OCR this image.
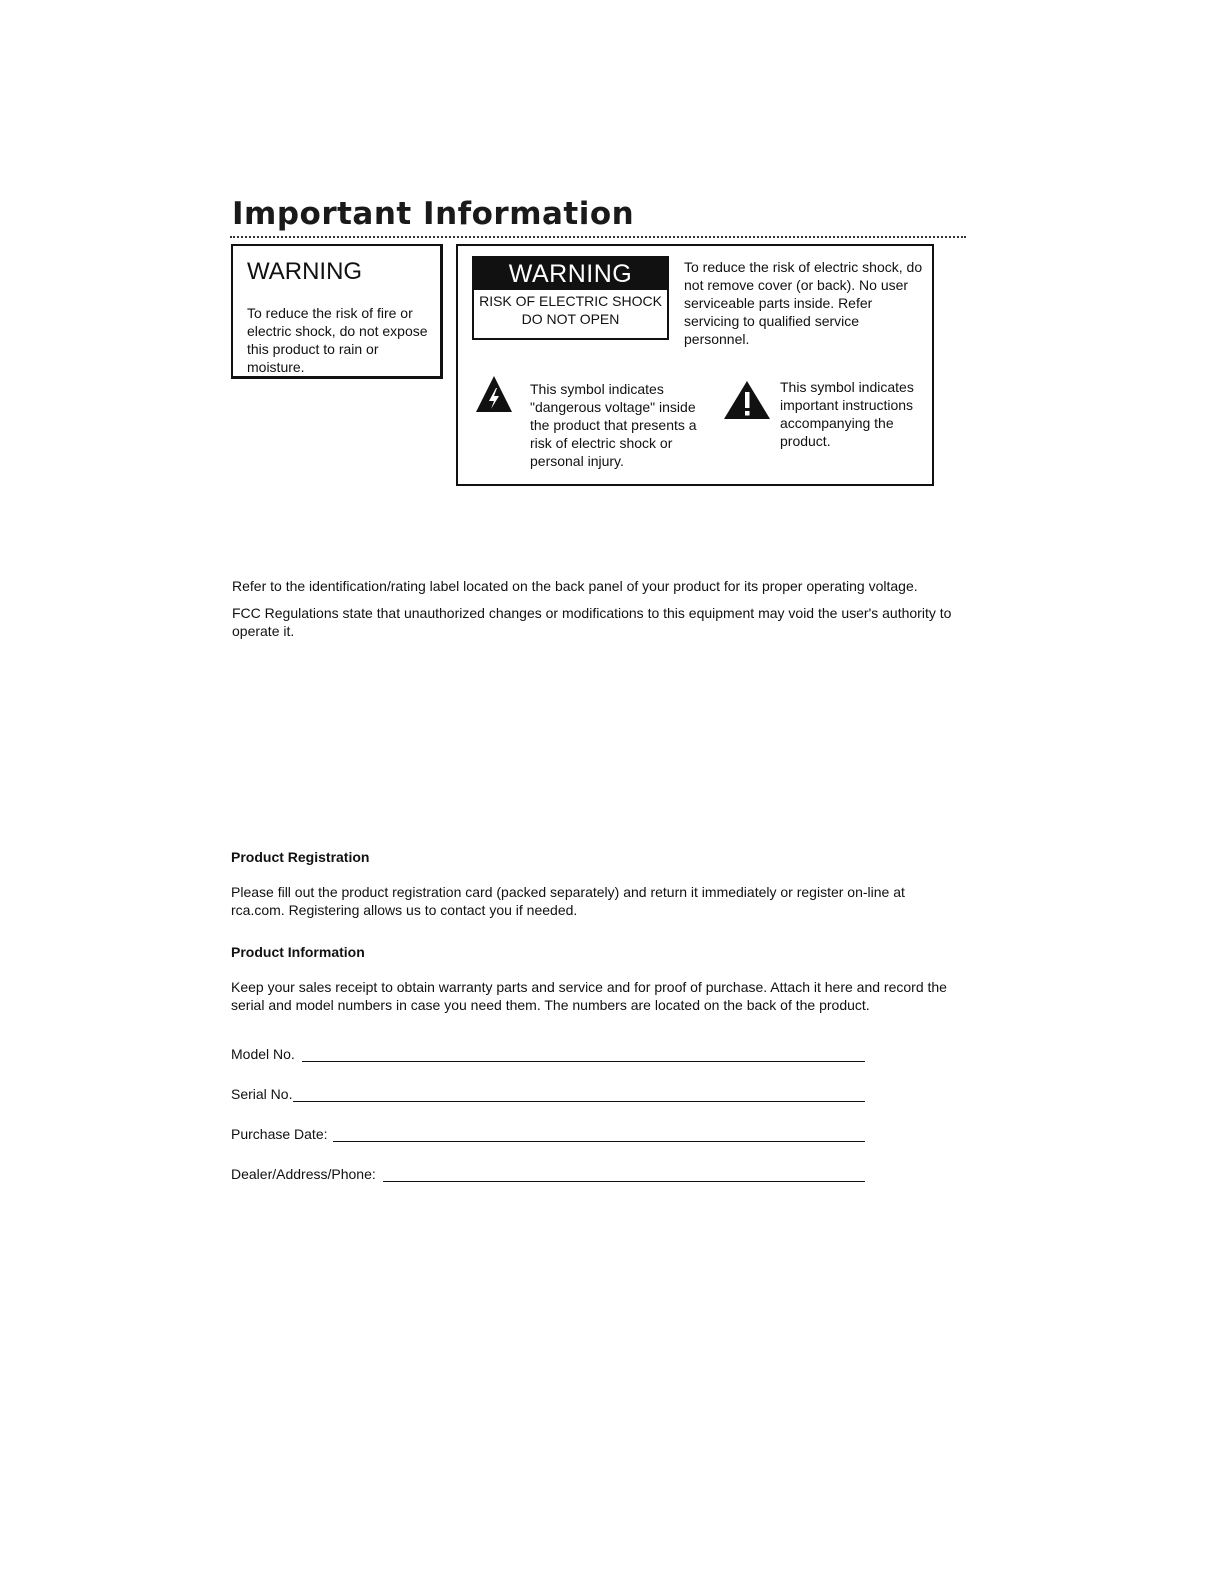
Important Information
WARNING
To reduce the risk of fire or electric shock, do not expose this product to rain or moisture.
WARNING
RISK OF ELECTRIC SHOCK DO NOT OPEN
To reduce the risk of electric shock, do not remove cover (or back). No user serviceable parts inside. Refer servicing to qualified service personnel.
This symbol indicates "dangerous voltage" inside the product that presents a risk of electric shock or personal injury.
This symbol indicates important instructions accompanying the product.
Refer to the identification/rating label located on the back panel of your product for its proper operating voltage.
FCC Regulations state that unauthorized changes or modifications to this equipment may void the user's authority to operate it.
Product Registration
Please fill out the product registration card (packed separately) and return it immediately or register on-line at rca.com. Registering allows us to contact you if needed.
Product Information
Keep your sales receipt to obtain warranty parts and service and for proof of purchase. Attach it here and record the serial and model numbers in case you need them. The numbers are located on the back of the product.
Model No.
Serial No.
Purchase Date:
Dealer/Address/Phone:
